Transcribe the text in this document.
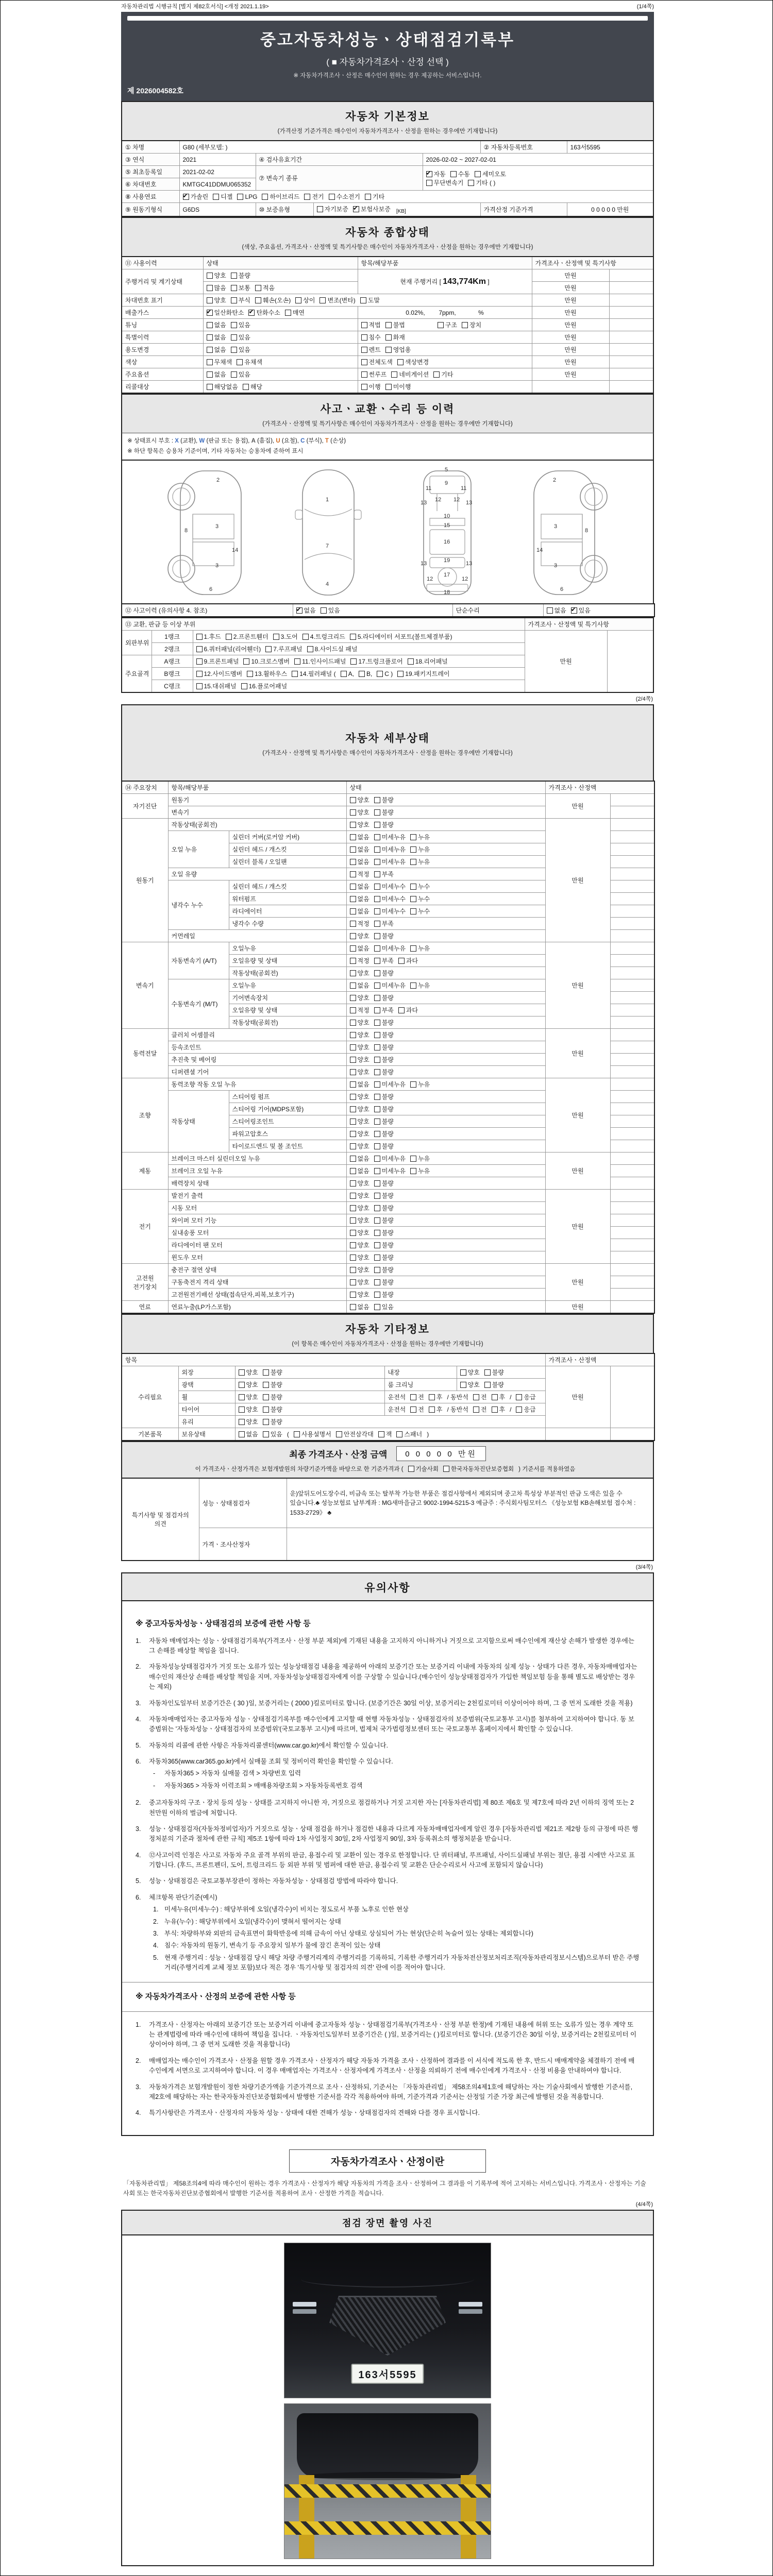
자동차관리법 시행규칙 [별지 제82호서식] <개정 2021.1.19>	(1/4쪽)
중고자동차성능ㆍ상태점검기록부
( ■ 자동차가격조사ㆍ산정 선택 )
※ 자동차가격조사ㆍ산정은 매수인이 원하는 경우 제공하는 서비스입니다.
제 2026004582호
자동차 기본정보
(가격산정 기준가격은 매수인이 자동차가격조사ㆍ산정을 원하는 경우에만 기재합니다)
① 차명	G80 (세부모델: )				② 자동차등록번호	163서5595
③ 연식	2021	④ 검사유효기간		2026-02-02 ~ 2027-02-01		
⑤ 최초등록일	2021-02-02	⑦ 변속기 종류	✔자동 수동 세미오토
무단변속기 기타 ( )
⑥ 차대번호	KMTGC41DDMU065352					
⑧ 사용연료	✔가솔린 디젤 LPG 하이브리드 전기 수소전기 기타
⑨ 원동기형식	G6DS	⑩ 보증유형	자기보증 ✔ 보험사보증 $_{[KB]}$		가격산정 기준가격	0 0 0 0 0 만원
자동차 종합상태
(색상, 주요옵션, 가격조사ㆍ산정액 및 특기사항은 매수인이 자동차가격조사ㆍ산정을 원하는 경우에만 기재합니다)
⑪ 사용이력	상태	항목/해당부품	가격조사ㆍ산정액 및 특기사항	
주행거리 및 계기상태	양호 불량	현재 주행거리 [ 143,774Km ]	만원	
	많음 보통 적음		만원	
차대번호 표기	양호 부식 훼손(오손) 상이 변조(변타) 도말		만원	
배출가스	✔일산화탄소 ✔ 탄화수소 매연	0.02%,        7ppm,             %	만원	
튜닝	없음 있음	적법 불법 구조 장치	만원	
특별이력	없음 있음	침수 화재	만원	
용도변경	없음 있음	렌트 영업용	만원	
색상	무채색 유채색	전체도색 색상변경	만원	
주요옵션	없음 있음	썬루프 네비게이션 기타	만원	
리콜대상	해당없음 해당	이행 미이행		
사고ㆍ교환ㆍ수리 등 이력
(가격조사ㆍ산정액 및 특기사항은 매수인이 자동차가격조사ㆍ산정을 원하는 경우에만 기재합니다)
※ 상태표시 부호 : X (교환), W (판금 또는 용접), A (흠집), U (요철), C (부식), T (손상)
※ 하단 항목은 승용차 기준이며, 기타 자동차는 승용차에 준하여 표시
2
8
3
14
3
6
1
7
4
5
11
9
11
13 12 12 13
10
15
16
19
13	13
12
17
12
18
2
8
3
14
3
6
⑫ 사고이력 (유의사항 4. 참조)	✔없음 있음	단순수리	없음 ✔ 있음
⑬ 교환, 판금 등 이상 부위			가격조사ㆍ산정액 및 특기사항	
외판부위	1랭크	1.후드 2.프론트휀더 3.도어 4.트렁크리드 5.라디에이터 서포트(볼트체결부품)	만원	
	2랭크	6.쿼터패널(리어휀더) 7.루프패널 8.사이드실 패널		
주요골격	A랭크	9.프론트패널 10.크로스멤버 11.인사이드패널 17.트렁크플로어 18.리어패널		
	B랭크	12.사이드멤버 13.휠하우스 14.필러패널 ( A, B, C ) 19.패키지트레이		
	C랭크	15.대쉬패널 16.플로어패널		
(2/4쪽)
자동차 세부상태
(가격조사ㆍ산정액 및 특기사항은 매수인이 자동차가격조사ㆍ산정을 원하는 경우에만 기재합니다)
⑭ 주요장치	항목/해당부품		상태	가격조사ㆍ산정액	
자기진단	원동기		양호 불량	만원	
	변속기		양호 불량		
원동기	작동상태(공회전)		양호 불량	만원	
	오일 누유	실린더 커버(로커암 커버)	없음 미세누유 누유		
		실린더 헤드 / 개스킷	없음 미세누유 누유		
		실린더 블록 / 오일팬	없음 미세누유 누유		
	오일 유량		적정 부족		
	냉각수 누수	실린더 헤드 / 개스킷	없음 미세누수 누수		
		워터펌프	없음 미세누수 누수		
		라디에이터	없음 미세누수 누수		
		냉각수 수량	적정 부족		
	커먼레일		양호 불량		
변속기	자동변속기 (A/T)	오일누유	없음 미세누유 누유	만원	
		오일유량 및 상태	적정 부족 과다		
		작동상태(공회전)	양호 불량		
	수동변속기 (M/T)	오일누유	없음 미세누유 누유		
		기어변속장치	양호 불량		
		오일유량 및 상태	적정 부족 과다		
		작동상태(공회전)	양호 불량		
동력전달	클러치 어셈블리		양호 불량	만원	
	등속조인트		양호 불량		
	추진축 및 베어링		양호 불량		
	디퍼렌셜 기어		양호 불량		
조향	동력조향 작동 오일 누유		없음 미세누유 누유	만원	
	작동상태	스티어링 펌프	양호 불량		
		스티어링 기어(MDPS포함)	양호 불량		
		스티어링조인트	양호 불량		
		파워고압호스	양호 불량		
		타이로드엔드 및 볼 조인트	양호 불량		
제동	브레이크 마스터 실린더오일 누유		없음 미세누유 누유	만원	
	브레이크 오일 누유		없음 미세누유 누유		
	배력장치 상태		양호 불량		
전기	발전기 출력		양호 불량	만원	
	시동 모터		양호 불량		
	와이퍼 모터 기능		양호 불량		
	실내송풍 모터		양호 불량		
	라디에이터 팬 모터		양호 불량		
	윈도우 모터		양호 불량		
고전원 전기장치	충전구 절연 상태		양호 불량	만원	
	구동축전지 격리 상태		양호 불량		
	고전원전기배선 상태(접속단자,피복,보호기구)		양호 불량		
연료	연료누출(LP가스포함)		없음 있음	만원	
자동차 기타정보
(이 항목은 매수인이 자동차가격조사ㆍ산정을 원하는 경우에만 기재합니다)
항목					가격조사ㆍ산정액	
수리필요	외장	양호 불량	내장	양호 불량	만원	
	광택	양호 불량	룸 크리닝	양호 불량		
	휠	양호 불량	운전석 전 후 / 동반석 전 후 / 응급			
	타이어	양호 불량	운전석 전 후 / 동반석 전 후 / 응급			
	유리	양호 불량				
기본품목	보유상태	없음 있음 ( 사용설명서 안전삼각대 잭 스패너 )				
최종 가격조사ㆍ산정 금액	0 0 0 0 0 만원
이 가격조사ㆍ산정가격은 보험개발원의 차량기준가액을 바탕으로 한 기준가격과 ( 기술사회 한국자동차진단보증협회 ) 기준서를 적용하였음
특기사항 및 점검자의 의견	성능ㆍ상태점검자	운)앞뒤도어도장수리, 비금속 또는 탈부착 가능한 부품은 점검사항에서 제외되며 중고차 특성상 부분적인 판금 도색은 있을 수 있습니다.♣ 성능보험료 납부계좌 : MG새마을금고 9002-1994-5215-3 예금주 : 주식회사팀모터스 《성능보험 KB손해보험 접수처 : 1533-2729》 ♣
	가격ㆍ조사산정자	
(3/4쪽)
유의사항
※ 중고자동차성능ㆍ상태점검의 보증에 관한 사항 등
1.	자동차 매매업자는 성능ㆍ상태점검기록부(가격조사ㆍ산정 부분 제외)에 기재된 내용을 고지하지 아니하거나 거짓으로 고지함으로써 매수인에게 재산상 손해가 발생한 경우에는 그 손해를 배상할 책임을 집니다.
2.	자동차성능상태점검자가 거짓 또는 오류가 있는 성능상태점검 내용을 제공하여 아래의 보증기간 또는 보증거리 이내에 자동차의 실제 성능ㆍ상태가 다른 경우, 자동차매매업자는 매수인의 재산상 손해를 배상할 책임을 지며, 자동차성능상태점검자에게 이를 구상할 수 있습니다.(매수인이 성능상태점검자가 가입한 책임보험 등을 통해 별도로 배상받는 경우는 제외)
3.	자동차인도일부터 보증기간은 ( 30 )일, 보증거리는 ( 2000 )킬로미터로 합니다. (보증기간은 30일 이상, 보증거리는 2천킬로미터 이상이어야 하며, 그 중 먼저 도래한 것을 적용)
4.	자동차매매업자는 중고자동차 성능ㆍ상태점검기록부를 매수인에게 고지할 때 현행 자동차성능ㆍ상태점검자의 보증범위(국토교통부 고시)를 첨부하여 고지하여야 합니다. 동 보증범위는 '자동차성능ㆍ상태점검자의 보증범위'(국토교통부 고시)에 따르며, 법제처 국가법령정보센터 또는 국토교통부 홈페이지에서 확인할 수 있습니다.
5.	자동차의 리콜에 관한 사항은 자동차리콜센터(www.car.go.kr)에서 확인할 수 있습니다.
6.	자동차365(www.car365.go.kr)에서 실매물 조회 및 정비이력 확인을 확인할 수 있습니다.
-	자동차365 > 자동차 실매물 검색 > 차량번호 입력
-	자동차365 > 자동차 이력조회 > 매매용차량조회 > 자동차등록번호 검색
2.	중고자동차의 구조ㆍ장치 등의 성능ㆍ상태를 고지하지 아니한 자, 거짓으로 점검하거나 거짓 고지한 자는 [자동차관리법] 제 80조 제6호 및 제7호에 따라 2년 이하의 징역 또는 2천만원 이하의 벌금에 처합니다.
3.	성능ㆍ상태점검자(자동차정비업자)가 거짓으로 성능ㆍ상태 점검을 하거나 점검한 내용과 다르게 자동차매매업자에게 알린 경우 [자동차관리법 제21조 제2항 등의 규정에 따른 행정처분의 기준과 절차에 관한 규칙] 제5조 1항에 따라 1차 사업정지 30일, 2차 사업정지 90일, 3차 등록취소의 행정처분을 받습니다.
4.	⑫사고이력 인정은 사고로 자동차 주요 골격 부위의 판금, 용접수리 및 교환이 있는 경우로 한정합니다. 단 쿼터패널, 루프패널, 사이드실패널 부위는 절단, 용접 시에만 사고로 표기합니다. (후드, 프론트펜더, 도어, 트렁크리드 등 외판 부위 및 범퍼에 대한 판금, 용접수리 및 교환은 단순수리로서 사고에 포함되지 않습니다)
5.	성능ㆍ상태점검은 국토교통부장관이 정하는 자동차성능ㆍ상태점검 방법에 따라야 합니다.
6.	체크항목 판단기준(예시)
1. 미세누유(미세누수) : 해당부위에 오일(냉각수)이 비치는 정도로서 부품 노후로 인한 현상
2. 누유(누수) : 해당부위에서 오일(냉각수)이 맺혀서 떨어지는 상태
3. 부식: 차량하부와 외판의 금속표면이 화학반응에 의해 금속이 아닌 상태로 상실되어 가는 현상(단순히 녹슬어 있는 상태는 제외합니다)
4. 침수: 자동차의 원동기, 변속기 등 주요장치 일부가 물에 잠긴 흔적이 있는 상태
5. 현재 주행거리 : 성능ㆍ상태점검 당시 해당 차량 주행거리계의 주행거리를 기록하되, 기록한 주행거리가 자동차전산정보처리조직(자동차관리정보시스템)으로부터 받은 주행거리(주행거리계 교체 정보 포함)보다 적은 경우 '특기사항 및 점검자의 의견' 란에 이를 적어야 합니다.
※ 자동차가격조사ㆍ산정의 보증에 관한 사항 등
1.	가격조사ㆍ산정자는 아래의 보증기간 또는 보증거리 이내에 중고자동차 성능ㆍ상태점검기록부(가격조사ㆍ산정 부분 한정)에 기재된 내용에 허위 또는 오류가 있는 경우 계약 또는 관계법령에 따라 매수인에 대하여 책임을 집니다. ㆍ자동차인도일부터 보증기간은 ( )일, 보증거리는 ( )킬로미터로 합니다. (보증기간은 30일 이상, 보증거리는 2천킬로미터 이상이어야 하며, 그 중 먼저 도래한 것을 적용합니다)
2.	매매업자는 매수인이 가격조사ㆍ산정을 원할 경우 가격조사ㆍ산정자가 해당 자동차 가격을 조사ㆍ산정하여 결과를 이 서식에 적도록 한 후, 반드시 매매계약을 체결하기 전에 매수인에게 서면으로 고지하여야 합니다. 이 경우 매매업자는 가격조사ㆍ산정자에게 가격조사ㆍ산정을 의뢰하기 전에 매수인에게 가격조사ㆍ산정 비용을 안내하여야 합니다.
3.	자동차가격은 보험개발원이 정한 차량기준가액을 기준가격으로 조사ㆍ산정하되, 기준서는 「자동차관리법」 제58조의4제1호에 해당하는 자는 기술사회에서 발행한 기준서를, 제2호에 해당하는 자는 한국자동차진단보증협회에서 발행한 기준서를 각각 적용하여야 하며, 기준가격과 기준서는 산정일 기준 가장 최근에 발행된 것을 적용합니다.
4.	특기사항란은 가격조사ㆍ산정자의 자동차 성능ㆍ상태에 대한 견해가 성능ㆍ상태점검자의 견해와 다를 경우 표시합니다.
자동차가격조사ㆍ산정이란
「자동차관리법」 제58조의4에 따라 매수인이 원하는 경우 가격조사ㆍ산정자가 해당 자동차의 가격을 조사ㆍ산정하여 그 결과를 이 기록부에 적어 고지하는 서비스입니다. 가격조사ㆍ산정자는 기술사회 또는 한국자동차진단보증협회에서 발행한 기준서를 적용하여 조사ㆍ산정한 가격을 적습니다.
(4/4쪽)
점검 장면 촬영 사진
163서5595
